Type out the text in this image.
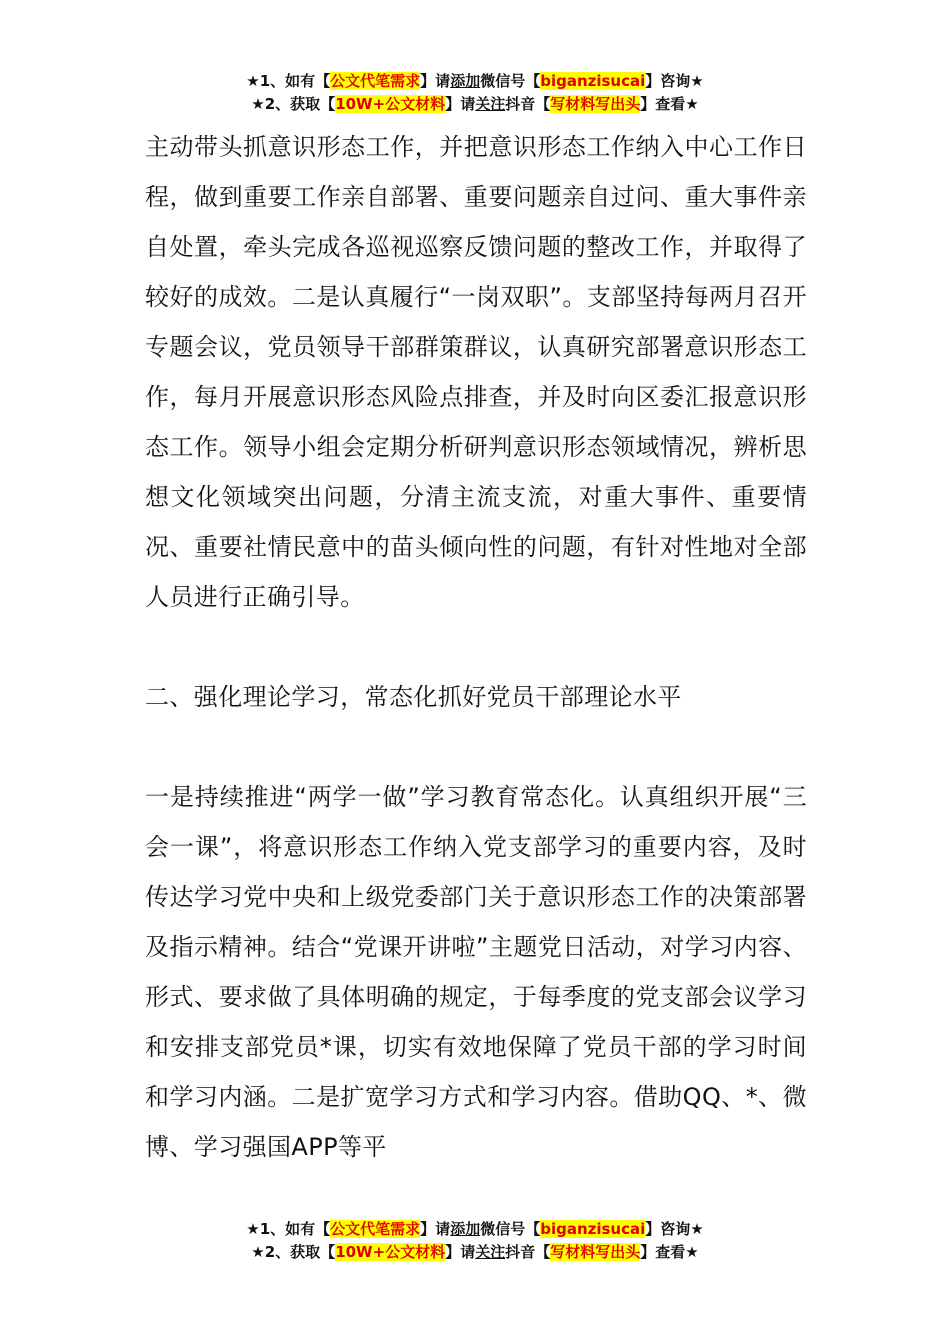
★1、如有【公文代笔需求】请添加微信号【biganzisucai】咨询★
★2、获取【10W+公文材料】请关注抖音【写材料写出头】查看★

主动带头抓意识形态工作，并把意识形态工作纳入中心工作日程，做到重要工作亲自部署、重要问题亲自过问、重大事件亲自处置，牵头完成各巡视巡察反馈问题的整改工作，并取得了较好的成效。二是认真履行“一岗双职”。支部坚持每两月召开专题会议，党员领导干部群策群议，认真研究部署意识形态工作，每月开展意识形态风险点排查，并及时向区委汇报意识形态工作。领导小组会定期分析研判意识形态领域情况，辨析思想文化领域突出问题，分清主流支流，对重大事件、重要情况、重要社情民意中的苗头倾向性的问题，有针对性地对全部人员进行正确引导。

二、强化理论学习，常态化抓好党员干部理论水平

一是持续推进“两学一做”学习教育常态化。认真组织开展“三会一课”，将意识形态工作纳入党支部学习的重要内容，及时传达学习党中央和上级党委部门关于意识形态工作的决策部署及指示精神。结合“党课开讲啦”主题党日活动，对学习内容、形式、要求做了具体明确的规定，于每季度的党支部会议学习和安排支部党员*课，切实有效地保障了党员干部的学习时间和学习内涵。二是扩宽学习方式和学习内容。借助QQ、*、微博、学习强国APP等平

★1、如有【公文代笔需求】请添加微信号【biganzisucai】咨询★
★2、获取【10W+公文材料】请关注抖音【写材料写出头】查看★
